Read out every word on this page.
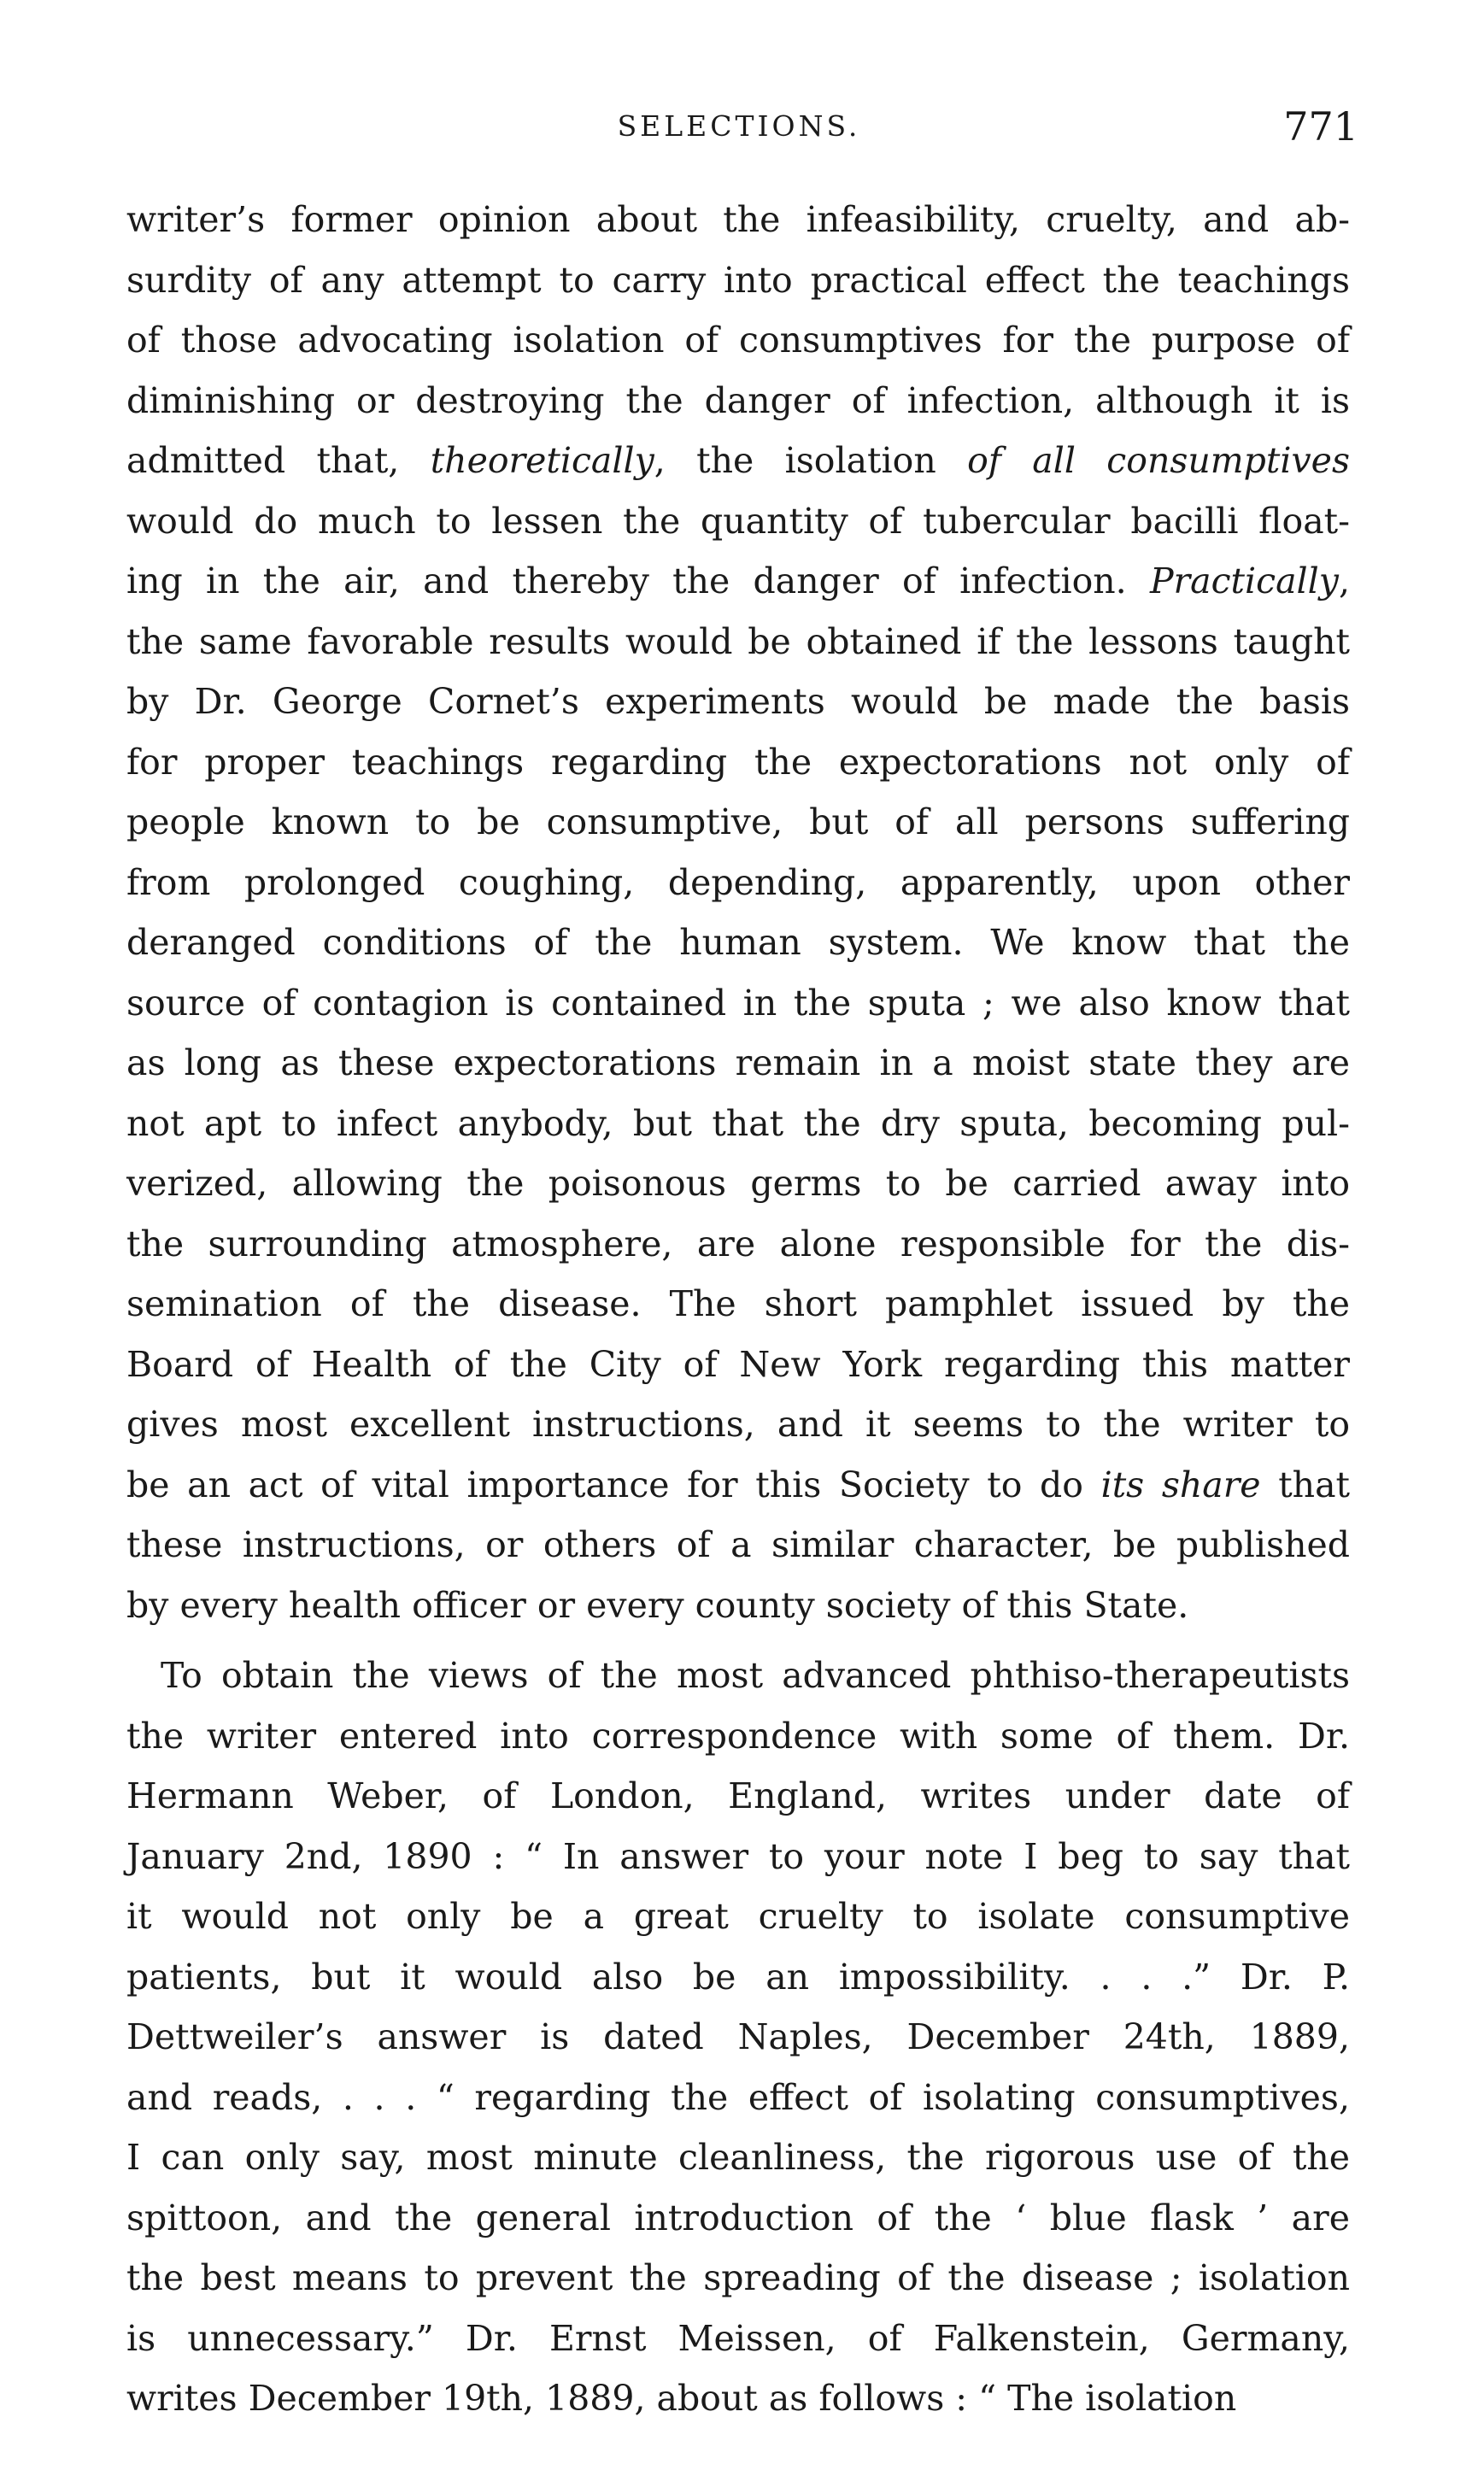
SELECTIONS.	771

writer’s former opinion about the infeasibility, cruelty, and ab-
surdity of any attempt to carry into practical effect the teachings
of those advocating isolation of consumptives for the purpose of
diminishing or destroying the danger of infection, although it is
admitted that, theoretically, the isolation of all consumptives
would do much to lessen the quantity of tubercular bacilli float-
ing in the air, and thereby the danger of infection. Practically,
the same favorable results would be obtained if the lessons taught
by Dr. George Cornet’s experiments would be made the basis
for proper teachings regarding the expectorations not only of
people known to be consumptive, but of all persons suffering
from prolonged coughing, depending, apparently, upon other
deranged conditions of the human system. We know that the
source of contagion is contained in the sputa ; we also know that
as long as these expectorations remain in a moist state they are
not apt to infect anybody, but that the dry sputa, becoming pul-
verized, allowing the poisonous germs to be carried away into
the surrounding atmosphere, are alone responsible for the dis-
semination of the disease. The short pamphlet issued by the
Board of Health of the City of New York regarding this matter
gives most excellent instructions, and it seems to the writer to
be an act of vital importance for this Society to do its share that
these instructions, or others of a similar character, be published
by every health officer or every county society of this State.

To obtain the views of the most advanced phthiso-therapeutists
the writer entered into correspondence with some of them. Dr.
Hermann Weber, of London, England, writes under date of
January 2nd, 1890 : “ In answer to your note I beg to say that
it would not only be a great cruelty to isolate consumptive
patients, but it would also be an impossibility. . . .” Dr. P.
Dettweiler’s answer is dated Naples, December 24th, 1889,
and reads, . . . “ regarding the effect of isolating consumptives,
I can only say, most minute cleanliness, the rigorous use of the
spittoon, and the general introduction of the ‘ blue flask ’ are
the best means to prevent the spreading of the disease ; isolation
is unnecessary.” Dr. Ernst Meissen, of Falkenstein, Germany,
writes December 19th, 1889, about as follows : “ The isolation
